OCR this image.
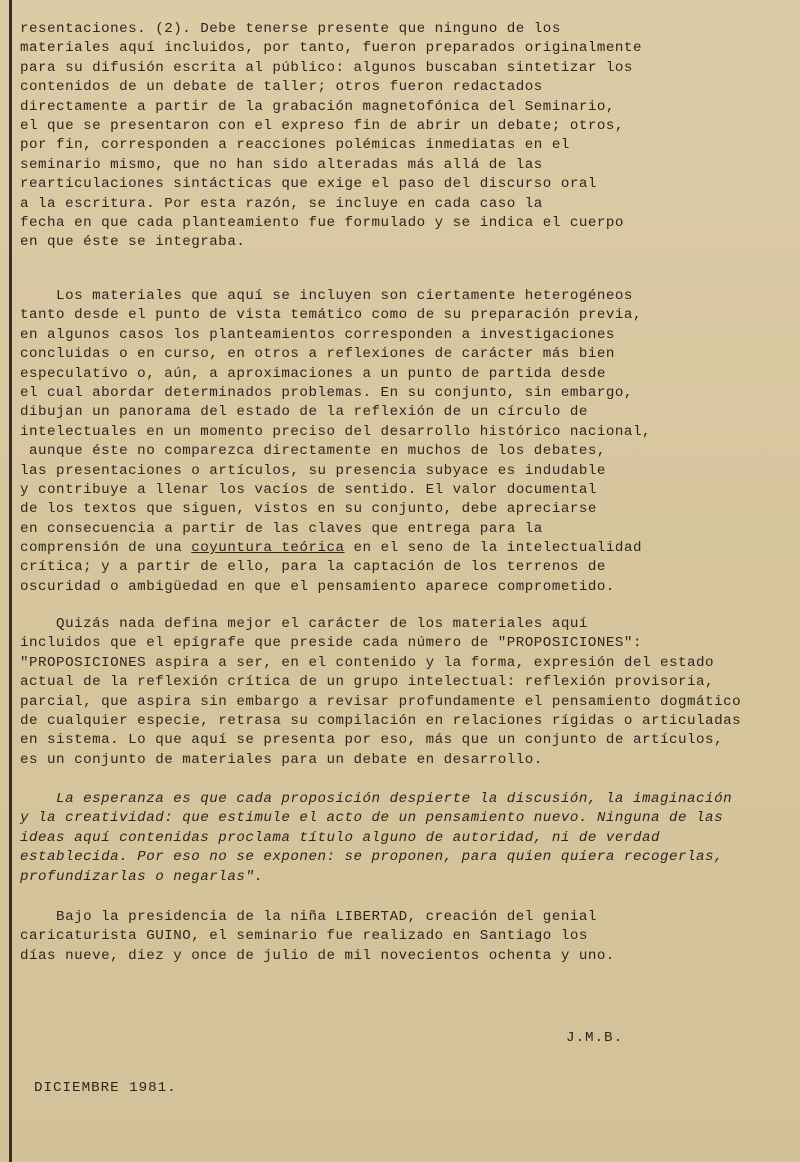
resentaciones. (2). Debe tenerse presente que ninguno de los
materiales aquí incluidos, por tanto, fueron preparados originalmente
para su difusión escrita al público: algunos buscaban sintetizar los
contenidos de un debate de taller; otros fueron redactados
directamente a partir de la grabación magnetofónica del Seminario,
el que se presentaron con el expreso fin de abrir un debate; otros,
por fin, corresponden a reacciones polémicas inmediatas en el
seminario mismo, que no han sido alteradas más allá de las
rearticulaciones sintácticas que exige el paso del discurso oral
a la escritura. Por esta razón, se incluye en cada caso la
fecha en que cada planteamiento fue formulado y se indica el cuerpo
en que éste se integraba.
Los materiales que aquí se incluyen son ciertamente heterogéneos
tanto desde el punto de vista temático como de su preparación previa,
en algunos casos los planteamientos corresponden a investigaciones
concluidas o en curso, en otros a reflexiones de carácter más bien
especulativo o, aún, a aproximaciones a un punto de partida desde
el cual abordar determinados problemas. En su conjunto, sin embargo,
dibujan un panorama del estado de la reflexión de un círculo de
intelectuales en un momento preciso del desarrollo histórico nacional,
aunque éste no comparezca directamente en muchos de los debates,
las presentaciones o artículos, su presencia subyace es indudable
y contribuye a llenar los vacíos de sentido. El valor documental
de los textos que siguen, vistos en su conjunto, debe apreciarse
en consecuencia a partir de las claves que entrega para la
comprensión de una coyuntura teórica en el seno de la intelectualidad
crítica; y a partir de ello, para la captación de los terrenos de
oscuridad o ambigüedad en que el pensamiento aparece comprometido.
Quizás nada defina mejor el carácter de los materiales aquí
incluidos que el epígrafe que preside cada número de "PROPOSICIONES":
"PROPOSICIONES aspira a ser, en el contenido y la forma, expresión del estado
actual de la reflexión crítica de un grupo intelectual: reflexión provisoria,
parcial, que aspira sin embargo a revisar profundamente el pensamiento dogmático
de cualquier especie, retrasa su compilación en relaciones rígidas o articuladas
en sistema. Lo que aquí se presenta por eso, más que un conjunto de artículos,
es un conjunto de materiales para un debate en desarrollo.
La esperanza es que cada proposición despierte la discusión, la imaginación
y la creatividad: que estimule el acto de un pensamiento nuevo. Ninguna de las
ideas aquí contenidas proclama título alguno de autoridad, ni de verdad
establecida. Por eso no se exponen: se proponen, para quien quiera recogerlas,
profundizarlas o negarlas".
Bajo la presidencia de la niña LIBERTAD, creación del genial
caricaturista GUINO, el seminario fue realizado en Santiago los
días nueve, diez y once de julio de mil novecientos ochenta y uno.
J.M.B.
DICIEMBRE 1981.
